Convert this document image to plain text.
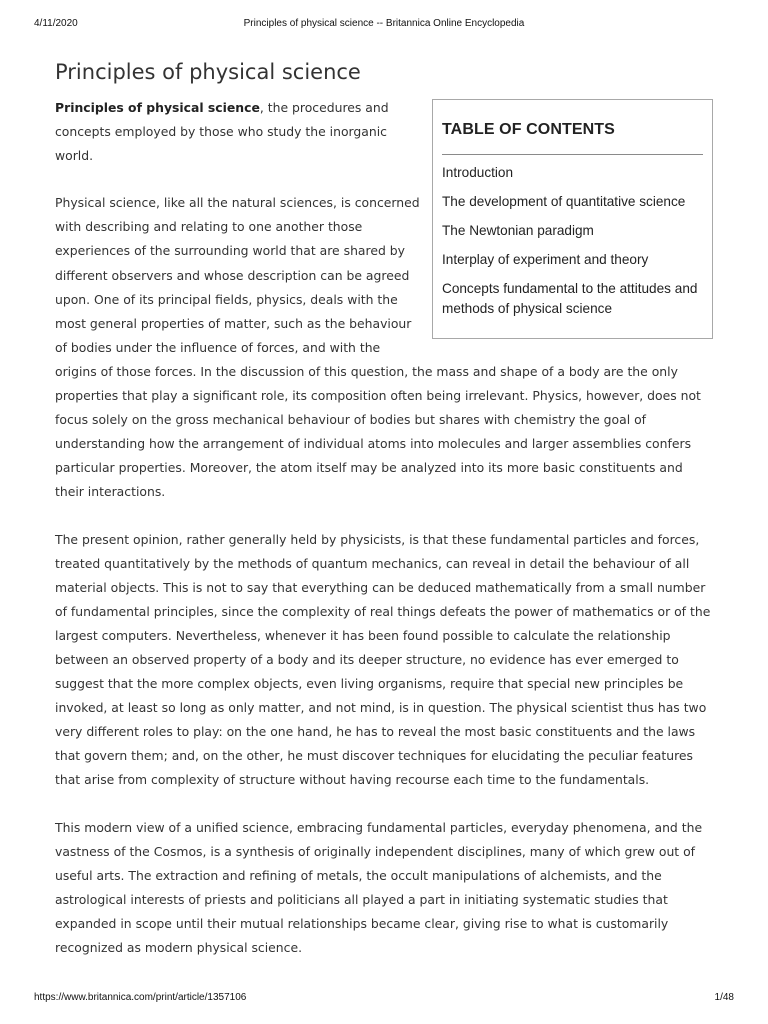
4/11/2020	Principles of physical science -- Britannica Online Encyclopedia
Principles of physical science
TABLE OF CONTENTS
Introduction
The development of quantitative science
The Newtonian paradigm
Interplay of experiment and theory
Concepts fundamental to the attitudes and methods of physical science

Principles of physical science, the procedures and concepts employed by those who study the inorganic world.

Physical science, like all the natural sciences, is concerned with describing and relating to one another those experiences of the surrounding world that are shared by different observers and whose description can be agreed upon. One of its principal fields, physics, deals with the most general properties of matter, such as the behaviour of bodies under the influence of forces, and with the origins of those forces. In the discussion of this question, the mass and shape of a body are the only properties that play a significant role, its composition often being irrelevant. Physics, however, does not focus solely on the gross mechanical behaviour of bodies but shares with chemistry the goal of understanding how the arrangement of individual atoms into molecules and larger assemblies confers particular properties. Moreover, the atom itself may be analyzed into its more basic constituents and their interactions.

The present opinion, rather generally held by physicists, is that these fundamental particles and forces, treated quantitatively by the methods of quantum mechanics, can reveal in detail the behaviour of all material objects. This is not to say that everything can be deduced mathematically from a small number of fundamental principles, since the complexity of real things defeats the power of mathematics or of the largest computers. Nevertheless, whenever it has been found possible to calculate the relationship between an observed property of a body and its deeper structure, no evidence has ever emerged to suggest that the more complex objects, even living organisms, require that special new principles be invoked, at least so long as only matter, and not mind, is in question. The physical scientist thus has two very different roles to play: on the one hand, he has to reveal the most basic constituents and the laws that govern them; and, on the other, he must discover techniques for elucidating the peculiar features that arise from complexity of structure without having recourse each time to the fundamentals.

This modern view of a unified science, embracing fundamental particles, everyday phenomena, and the vastness of the Cosmos, is a synthesis of originally independent disciplines, many of which grew out of useful arts. The extraction and refining of metals, the occult manipulations of alchemists, and the astrological interests of priests and politicians all played a part in initiating systematic studies that expanded in scope until their mutual relationships became clear, giving rise to what is customarily recognized as modern physical science.

https://www.britannica.com/print/article/1357106	1/48
